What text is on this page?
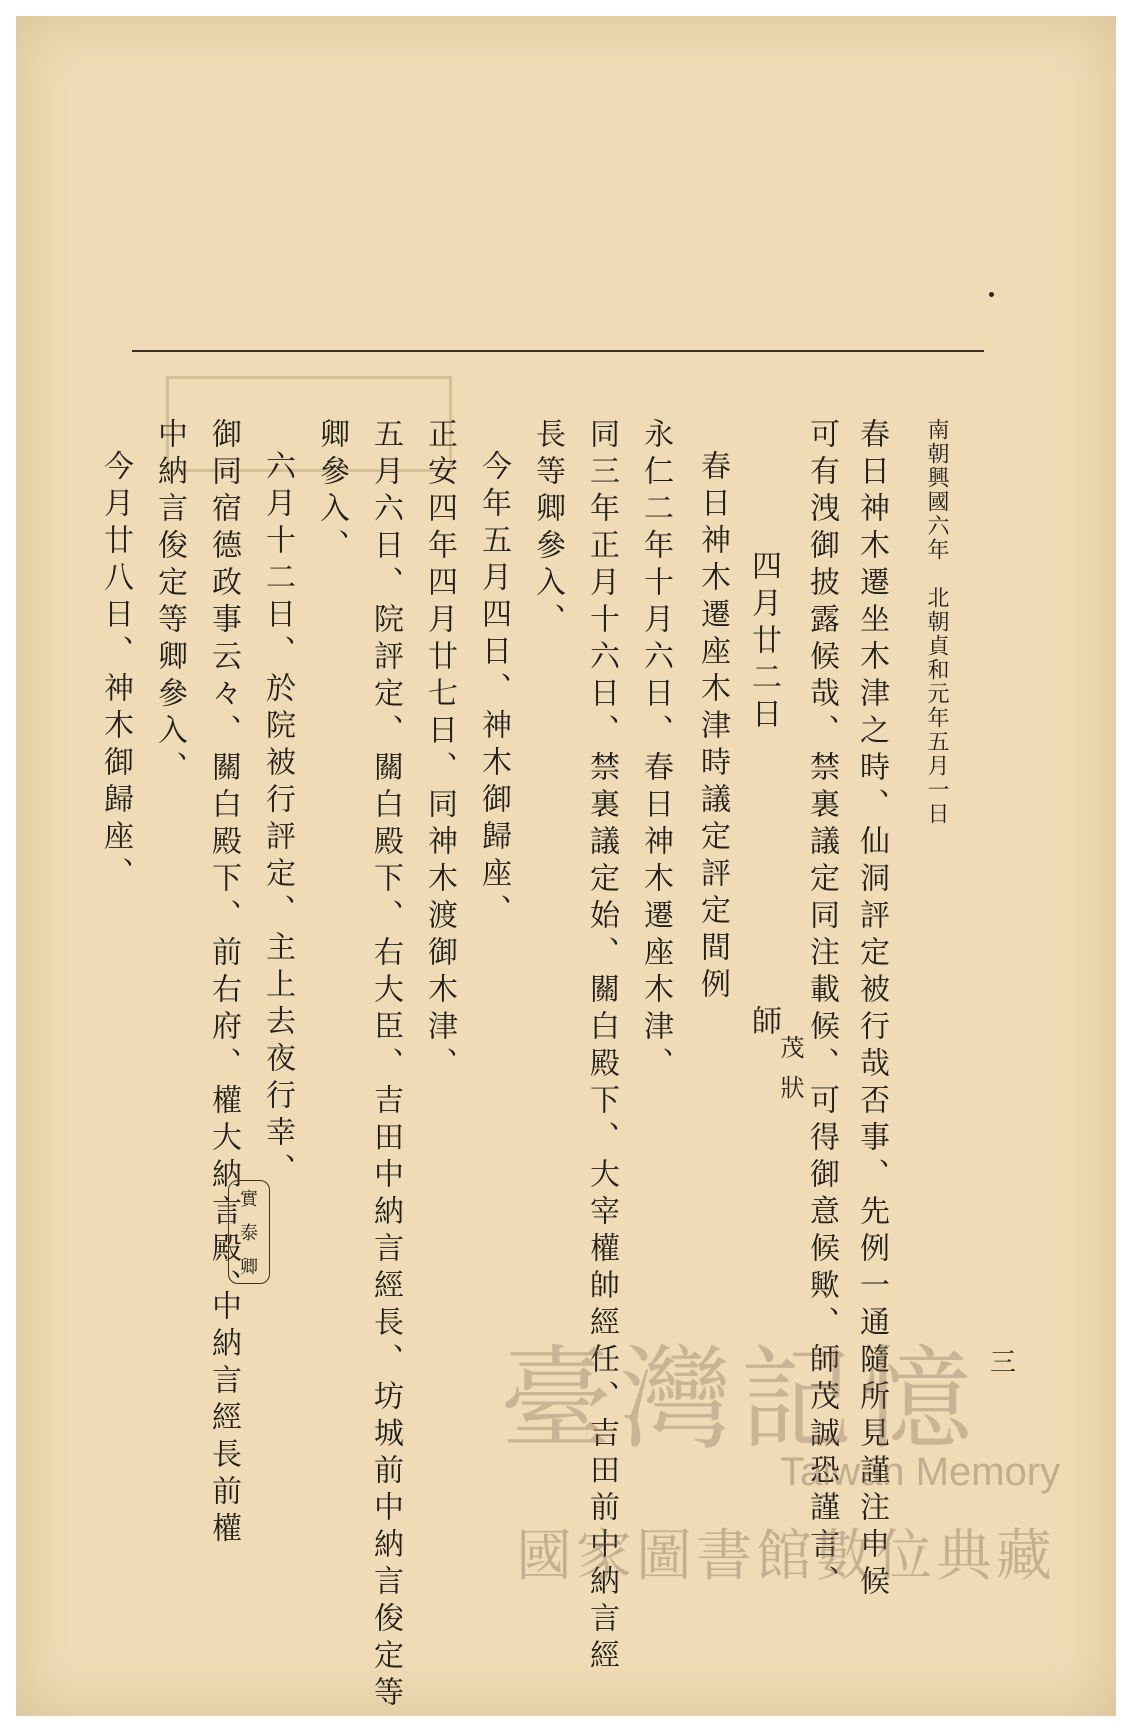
南朝興國六年　北朝貞和元年五月一日
三
春日神木遷坐木津之時、仙洞評定被行哉否事、先例一通隨所見謹注申候
可有洩御披露候哉、禁裏議定同注載候、可得御意候歟、師茂誠恐謹言、
四月廿二日
師
茂
狀
春日神木遷座木津時議定評定間例
永仁二年十月六日、春日神木遷座木津、
同三年正月十六日、禁裏議定始、關白殿下、大宰權帥經任、吉田前中納言經
長等卿參入、
今年五月四日、神木御歸座、
正安四年四月廿七日、同神木渡御木津、
五月六日、院評定、關白殿下、右大臣、吉田中納言經長、坊城前中納言俊定等
卿參入、
六月十二日、於院被行評定、主上去夜行幸、
御同宿德政事云々、關白殿下、前右府、權大納言殿、
中納言經長前權
中納言俊定等卿參入、
今月廿八日、神木御歸座、
實
泰
卿
臺灣記憶
Taiwan Memory
國家圖書館數位典藏
